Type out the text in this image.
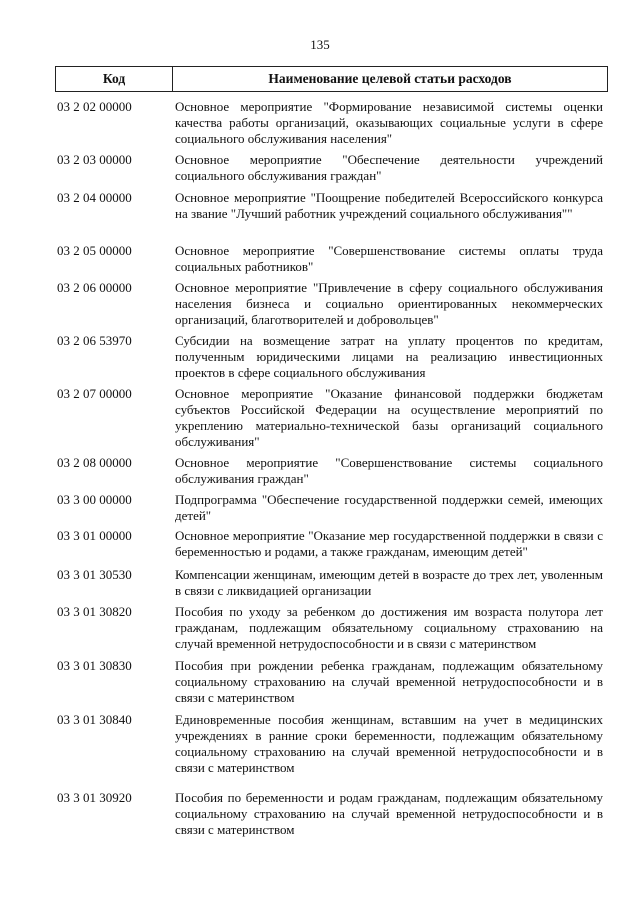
135
Код	Наименование целевой статьи расходов
03 2 02 00000	Основное мероприятие "Формирование независимой системы оценки качества работы организаций, оказывающих социальные услуги в сфере социального обслуживания населения"
03 2 03 00000	Основное мероприятие "Обеспечение деятельности учреждений социального обслуживания граждан"
03 2 04 00000	Основное мероприятие "Поощрение победителей Всероссийского конкурса на звание "Лучший работник учреждений социального обслуживания""
03 2 05 00000	Основное мероприятие "Совершенствование системы оплаты труда социальных работников"
03 2 06 00000	Основное мероприятие "Привлечение в сферу социального обслуживания населения бизнеса и социально ориентированных некоммерческих организаций, благотворителей и добровольцев"
03 2 06 53970	Субсидии на возмещение затрат на уплату процентов по кредитам, полученным юридическими лицами на реализацию инвестиционных проектов в сфере социального обслуживания
03 2 07 00000	Основное мероприятие "Оказание финансовой поддержки бюджетам субъектов Российской Федерации на осуществление мероприятий по укреплению материально-технической базы организаций социального обслуживания"
03 2 08 00000	Основное мероприятие "Совершенствование системы социального обслуживания граждан"
03 3 00 00000	Подпрограмма "Обеспечение государственной поддержки семей, имеющих детей"
03 3 01 00000	Основное мероприятие "Оказание мер государственной поддержки в связи с беременностью и родами, а также гражданам, имеющим детей"
03 3 01 30530	Компенсации женщинам, имеющим детей в возрасте до трех лет, уволенным в связи с ликвидацией организации
03 3 01 30820	Пособия по уходу за ребенком до достижения им возраста полутора лет гражданам, подлежащим обязательному социальному страхованию на случай временной нетрудоспособности и в связи с материнством
03 3 01 30830	Пособия при рождении ребенка гражданам, подлежащим обязательному социальному страхованию на случай временной нетрудоспособности и в связи с материнством
03 3 01 30840	Единовременные пособия женщинам, вставшим на учет в медицинских учреждениях в ранние сроки беременности, подлежащим обязательному социальному страхованию на случай временной нетрудоспособности и в связи с материнством
03 3 01 30920	Пособия по беременности и родам гражданам, подлежащим обязательному социальному страхованию на случай временной нетрудоспособности и в связи с материнством
